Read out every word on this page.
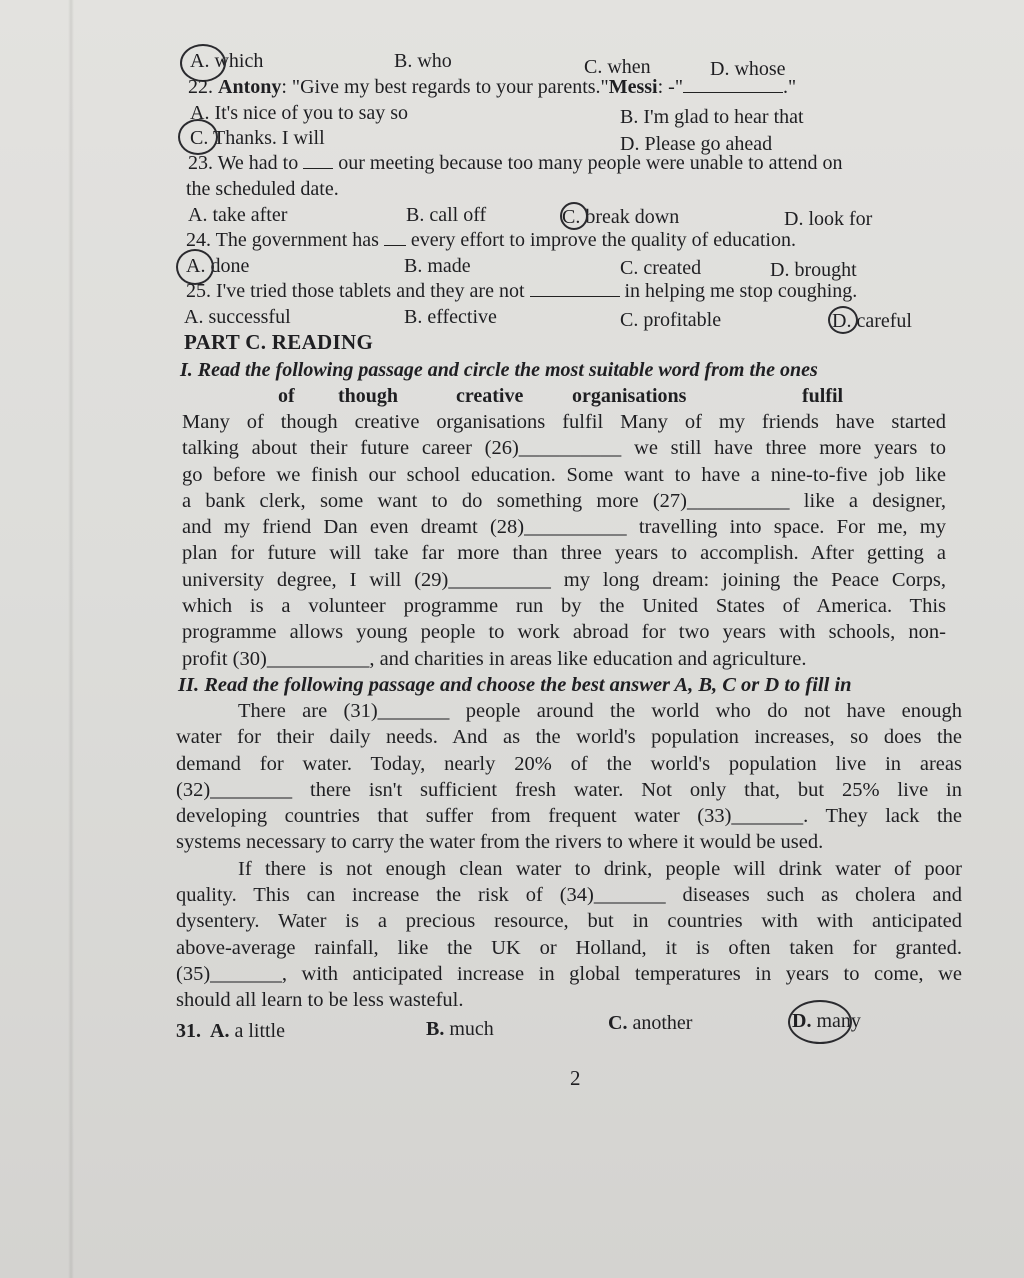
A. which	B. who	C. when	D. whose
22. Antony: "Give my best regards to your parents."Messi: -"	."
A. It's nice of you to say so	B. I'm glad to hear that
C. Thanks. I will	D. Please go ahead
23. We had to our meeting because too many people were unable to attend on
the scheduled date.
A. take after	B. call off	C. break down	D. look for
24. The government has every effort to improve the quality of education.
A. done	B. made	C. created	D. brought
25. I've tried those tablets and they are not	in helping me stop coughing.
A. successful	B. effective	C. profitable	D. careful
PART C. READING
I. Read the following passage and circle the most suitable word from the ones
of though	creative organisations	fulfil
Many of though creative organisations fulfil Many of my friends have started
talking about their future career (26)__________ we still have three more years to
go before we finish our school education. Some want to have a nine-to-five job like
a bank clerk, some want to do something more (27)__________ like a designer,
and my friend Dan even dreamt (28)__________ travelling into space. For me, my
plan for future will take far more than three years to accomplish. After getting a
university degree, I will (29)__________ my long dream: joining the Peace Corps,
which is a volunteer programme run by the United States of America. This
programme allows young people to work abroad for two years with schools, non-
profit (30)__________, and charities in areas like education and agriculture.
II. Read the following passage and choose the best answer A, B, C or D to fill in
There are (31)_______ people around the world who do not have enough
water for their daily needs. And as the world's population increases, so does the
demand for water. Today, nearly 20% of the world's population live in areas
(32)________ there isn't sufficient fresh water. Not only that, but 25% live in
developing countries that suffer from frequent water (33)_______. They lack the
systems necessary to carry the water from the rivers to where it would be used.
If there is not enough clean water to drink, people will drink water of poor
quality. This can increase the risk of (34)_______ diseases such as cholera and
dysentery. Water is a precious resource, but in countries with with anticipated
above-average rainfall, like the UK or Holland, it is often taken for granted.
(35)_______, with anticipated increase in global temperatures in years to come, we
should all learn to be less wasteful.
31. A. a little	B. much	C. another	D. many
2
